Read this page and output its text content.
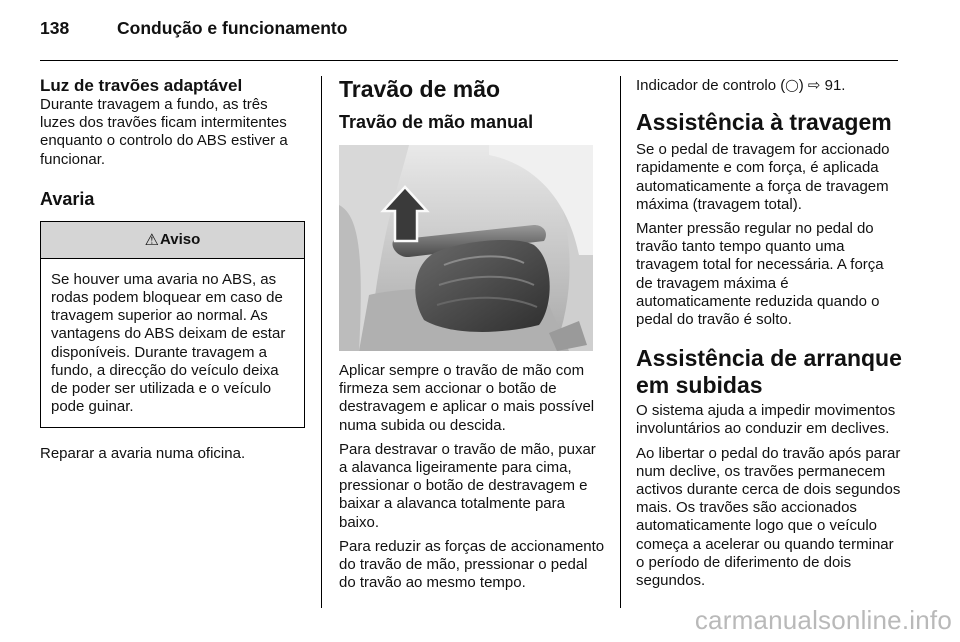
138	Condução e funcionamento
Luz de travões adaptável

Durante travagem a fundo, as três luzes dos travões ficam intermitentes enquanto o controlo do ABS estiver a funcionar.

Avaria
⚠ Aviso
Se houver uma avaria no ABS, as rodas podem bloquear em caso de travagem superior ao normal. As vantagens do ABS deixam de estar disponíveis. Durante travagem a fundo, a direcção do veículo deixa de poder ser utilizada e o veículo pode guinar.

Reparar a avaria numa oficina.

Travão de mão
Travão de mão manual

Aplicar sempre o travão de mão com firmeza sem accionar o botão de destravagem e aplicar o mais possível numa subida ou descida.

Para destravar o travão de mão, puxar a alavanca ligeiramente para cima, pressionar o botão de destravagem e baixar a alavanca totalmente para baixo.

Para reduzir as forças de accionamento do travão de mão, pressionar o pedal do travão ao mesmo tempo.

Indicador de controlo (◯) ⇨ 91.

Assistência à travagem

Se o pedal de travagem for accionado rapidamente e com força, é aplicada automaticamente a força de travagem máxima (travagem total).

Manter pressão regular no pedal do travão tanto tempo quanto uma travagem total for necessária. A força de travagem máxima é automaticamente reduzida quando o pedal do travão é solto.

Assistência de arranque em subidas

O sistema ajuda a impedir movimentos involuntários ao conduzir em declives.

Ao libertar o pedal do travão após parar num declive, os travões permanecem activos durante cerca de dois segundos mais. Os travões são accionados automaticamente logo que o veículo começa a acelerar ou quando terminar o período de diferimento de dois segundos.

carmanualsonline.info
